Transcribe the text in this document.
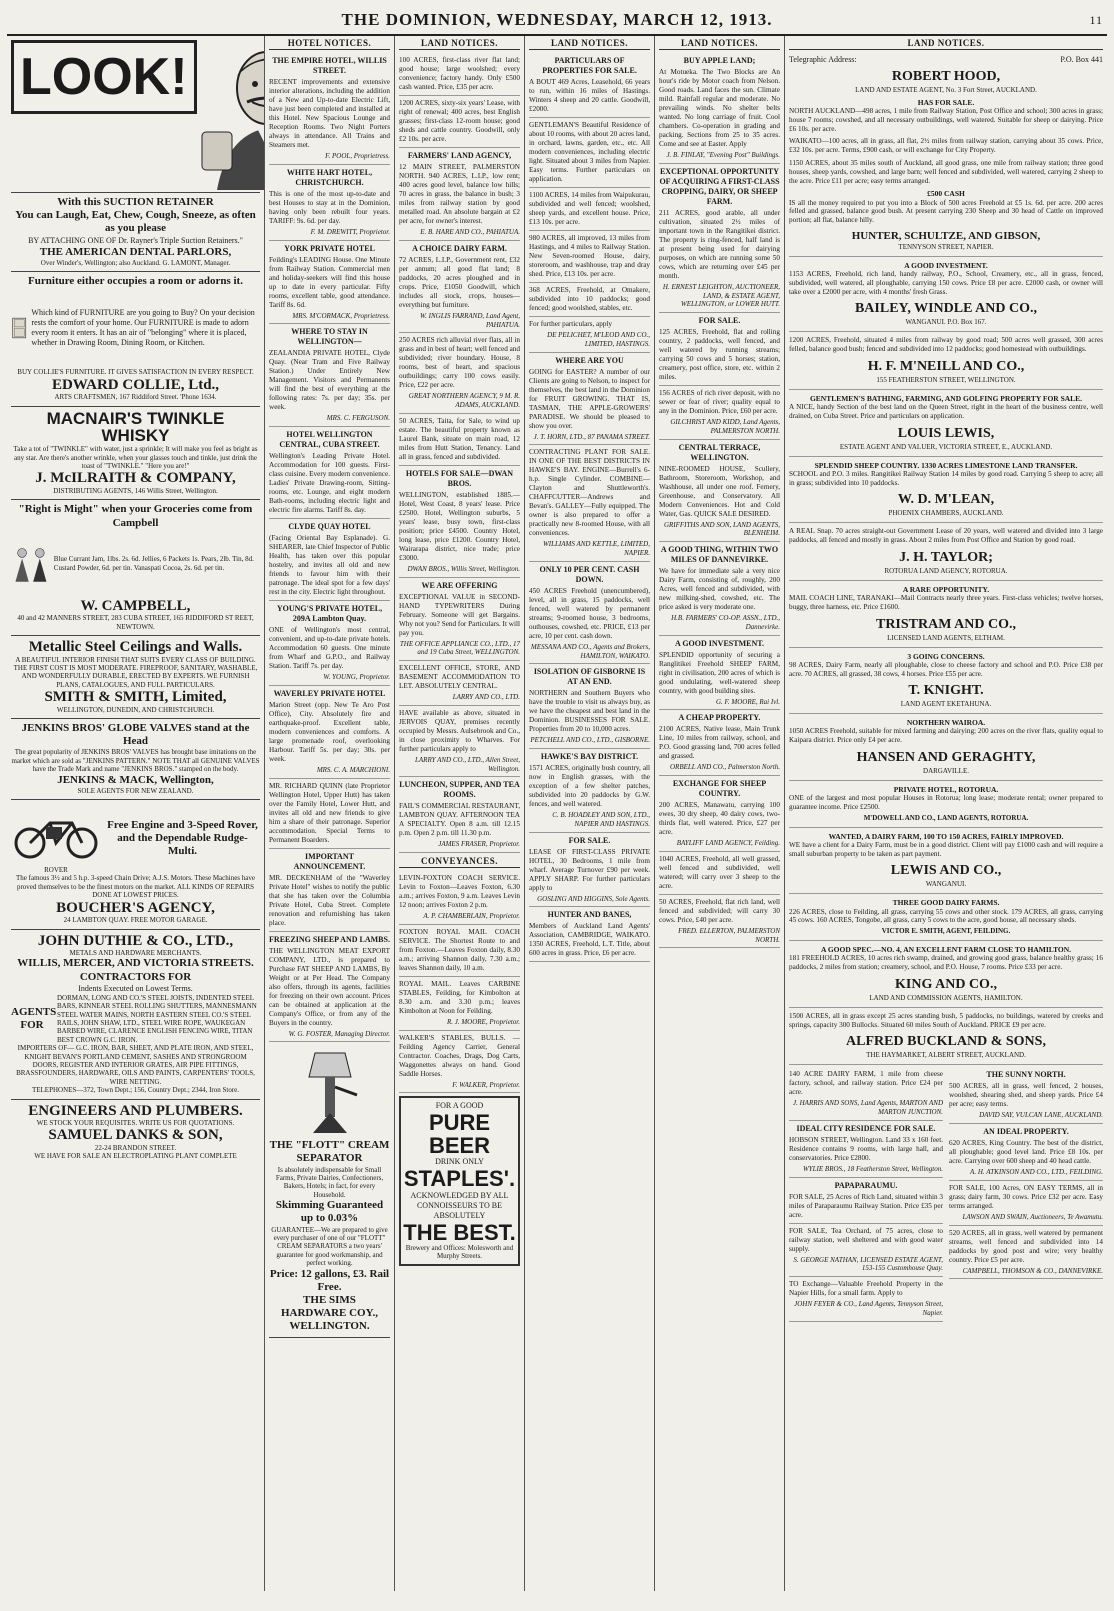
THE DOMINION, WEDNESDAY, MARCH 12, 1913.	11
LOOK!
With this SUCTION RETAINER
You can Laugh, Eat, Chew, Cough, Sneeze, as often as you please
BY ATTACHING ONE OF Dr. Rayner's Triple Suction Retainers."
THE AMERICAN DENTAL PARLORS,
Over Winder's, Wellington; also Auckland. G. LAMONT, Manager.
Furniture either occupies a room or adorns it.
Which kind of FURNITURE are you going to Buy? On your decision rests the comfort of your home. Our FURNITURE is made to adorn every room it enters. It has an air of "belonging" where it is placed, whether in Drawing Room, Dining Room, or Kitchen.
BUY COLLIE'S FURNITURE. IT GIVES SATISFACTION IN EVERY RESPECT.
EDWARD COLLIE, Ltd.,
ARTS CRAFTSMEN, 167 Riddiford Street. 'Phone 1634.
MACNAIR'S TWINKLE WHISKY
Take a tot of "TWINKLE" with water, just a sprinkle; It will make you feel as bright as any star. Are there's another wrinkle, when your glasses touch and tinkle, just drink the toast of "TWINKLE." "Here you are!"
J. McILRAITH & COMPANY,
DISTRIBUTING AGENTS, 146 Willis Street, Wellington.
"Right is Might" when your Groceries come from Campbell
Blue Currant Jam, 1lbs. 2s. 6d. Jellies, 6 Packets 1s. Pears, 2lb. Tin, 8d. Custard Powder, 6d. per tin. Vanaspati Cocoa, 2s. 6d. per tin.
W. CAMPBELL,
40 and 42 MANNERS STREET, 283 CUBA STREET, 165 RIDDIFORD ST REET, NEWTOWN.
Metallic Steel Ceilings and Walls.
A BEAUTIFUL INTERIOR FINISH THAT SUITS EVERY CLASS OF BUILDING. THE FIRST COST IS MOST MODERATE. FIREPROOF, SANITARY, WASHABLE, AND WONDERFULLY DURABLE, ERECTED BY EXPERTS. WE FURNISH PLANS, CATALOGUES, AND FULL PARTICULARS.
SMITH & SMITH, Limited,
WELLINGTON, DUNEDIN, AND CHRISTCHURCH.
JENKINS BROS' GLOBE VALVES stand at the Head
The great popularity of JENKINS BROS' VALVES has brought base imitations on the market which are sold as "JENKINS PATTERN." NOTE THAT all GENUINE VALVES have the Trade Mark and name "JENKINS BROS." stamped on the body.
JENKINS & MACK, Wellington,
SOLE AGENTS FOR NEW ZEALAND.
ROVER
Free Engine and 3-Speed Rover, and the Dependable Rudge-Multi.
The famous 3½ and 5 h.p. 3-speed Chain Drive; A.J.S. Motors. These Machines have proved themselves to be the finest motors on the market. ALL KINDS OF REPAIRS DONE AT LOWEST PRICES.
BOUCHER'S AGENCY,
24 LAMBTON QUAY. FREE MOTOR GARAGE.
JOHN DUTHIE & CO., LTD.,
METALS AND HARDWARE MERCHANTS.
WILLIS, MERCER, AND VICTORIA STREETS.
CONTRACTORS FOR
Indents Executed on Lowest Terms.
AGENTS FOR
DORMAN, LONG AND CO.'S STEEL JOISTS, INDENTED STEEL BARS, KINNEAR STEEL ROLLING SHUTTERS, MANNESMANN STEEL WATER MAINS, NORTH EASTERN STEEL CO.'S STEEL RAILS, JOHN SHAW, LTD., STEEL WIRE ROPE, WAUKEGAN BARBED WIRE, CLARENCE ENGLISH FENCING WIRE, TITAN BEST CROWN G.C. IRON.
IMPORTERS OF— G.C. IRON, BAR, SHEET, AND PLATE IRON, AND STEEL, KNIGHT BEVAN'S PORTLAND CEMENT, SASHES AND STRONGROOM DOORS, REGISTER AND INTERIOR GRATES, AIR PIPE FITTINGS, BRASSFOUNDERS, HARDWARE, OILS AND PAINTS, CARPENTERS' TOOLS, WIRE NETTING.
TELEPHONES—372, Town Dept.; 156, Country Dept.; 2344, Iron Store.
ENGINEERS AND PLUMBERS.
WE STOCK YOUR REQUISITES. WRITE US FOR QUOTATIONS.
SAMUEL DANKS & SON,
22-24 BRANDON STREET.
WE HAVE FOR SALE AN ELECTROPLATING PLANT COMPLETE
HOTEL NOTICES.
THE EMPIRE HOTEL, WILLIS STREET.
RECENT improvements and extensive interior alterations, including the addition of a New and Up-to-date Electric Lift, have just been completed and installed at this Hotel. New Spacious Lounge and Reception Rooms. Two Night Porters always in attendance. All Trains and Steamers met.
F. POOL, Proprietress.
WHITE HART HOTEL, CHRISTCHURCH.
This is one of the most up-to-date and best Houses to stay at in the Dominion, having only been rebuilt four years. TARIFF: 9s. 6d. per day.
F. M. DREWITT, Proprietor.
YORK PRIVATE HOTEL
Feilding's LEADING House. One Minute from Railway Station. Commercial men and holiday-seekers will find this house up to date in every particular. Fifty rooms, excellent table, good attendance. Tariff 8s. 6d.
MRS. M'CORMACK, Proprietress.
WHERE TO STAY IN WELLINGTON—
ZEALANDIA PRIVATE HOTEL, Clyde Quay. (Near Tram and Five Railway Station.) Under Entirely New Management. Visitors and Permanents will find the best of everything at the following rates: 7s. per day; 35s. per week.
MRS. C. FERGUSON.
HOTEL WELLINGTON CENTRAL, CUBA STREET.
Wellington's Leading Private Hotel. Accommodation for 100 guests. First-class cuisine. Every modern convenience. Ladies' Private Drawing-room, Sitting-rooms, etc. Lounge, and eight modern Bath-rooms, including electric light and electric fire alarms. Tariff 8s. day.
CLYDE QUAY HOTEL
(Facing Oriental Bay Esplanade). G. SHEARER, late Chief Inspector of Public Health, has taken over this popular hostelry, and invites all old and new friends to favour him with their patronage. The ideal spot for a few days' rest in the city. Electric light throughout.
YOUNG'S PRIVATE HOTEL, 209A Lambton Quay.
ONE of Wellington's most central, convenient, and up-to-date private hotels. Accommodation 60 guests. One minute from Wharf and G.P.O., and Railway Station. Tariff 7s. per day.
W. YOUNG, Proprietor.
WAVERLEY PRIVATE HOTEL
Marion Street (opp. New Te Aro Post Office), City. Absolutely fire and earthquake-proof. Excellent table, modern conveniences and comforts. A large promenade roof, overlooking Harbour. Tariff 5s. per day; 30s. per week.
MRS. C. A. MARCHIONI.
MR. RICHARD QUINN (late Proprietor Wellington Hotel, Upper Hutt) has taken over the Family Hotel, Lower Hutt, and invites all old and new friends to give him a share of their patronage. Superior accommodation. Special Terms to Permanent Boarders.
IMPORTANT ANNOUNCEMENT.
MR. DECKENHAM of the "Waverley Private Hotel" wishes to notify the public that she has taken over the Columbia Private Hotel, Cuba Street. Complete renovation and refurnishing has taken place.
FREEZING SHEEP AND LAMBS.
THE WELLINGTON MEAT EXPORT COMPANY, LTD., is prepared to Purchase FAT SHEEP AND LAMBS, By Weight or at Per Head. The Company also offers, through its agents, facilities for freezing on their own account. Prices can be obtained at application at the Company's Office, or from any of the Buyers in the country.
W. G. FOSTER, Managing Director.
THE "FLOTT" CREAM SEPARATOR
Is absolutely indispensable for Small Farms, Private Dairies, Confectioners, Bakers, Hotels; in fact, for every Household.
Skimming Guaranteed up to 0.03%
GUARANTEE—We are prepared to give every purchaser of one of our "FLOTT" CREAM SEPARATORS a two years' guarantee for good workmanship, and perfect working.
Price: 12 gallons, £3. Rail Free.
THE SIMS HARDWARE COY., WELLINGTON.
LAND NOTICES.
100 ACRES, first-class river flat land; good house; large woolshed; every convenience; factory handy. Only £500 cash wanted. Price, £35 per acre.
1200 ACRES, sixty-six years' Lease, with right of renewal; 400 acres, best English grasses; first-class 12-room house; good sheds and cattle country. Goodwill, only £2 10s. per acre.
FARMERS' LAND AGENCY,
12 MAIN STREET, PALMERSTON NORTH. 940 ACRES, L.I.P., low rent; 400 acres good level, balance low hills; 70 acres in grass, the balance in bush; 3 miles from railway station by good metalled road. An absolute bargain at £2 per acre, for owner's interest.
E. B. HARE AND CO., PAHIATUA.
A CHOICE DAIRY FARM.
72 ACRES, L.I.P., Government rent, £32 per annum; all good flat land; 8 paddocks, 20 acres ploughed and in crops. Price, £1050 Goodwill, which includes all stock, crops, houses—everything but furniture.
W. INGLIS FARRAND, Land Agent, PAHIATUA.
250 ACRES rich alluvial river flats, all in grass and in best of heart; well fenced and subdivided; river boundary. House, 8 rooms, best of heart, and spacious outbuildings; carry 100 cows easily. Price, £22 per acre.
GREAT NORTHERN AGENCY, 9 M. R. ADAMS, AUCKLAND.
50 ACRES, Taita, for Sale, to wind up estate. The beautiful property known as Laurel Bank, situate on main road, 12 miles from Hutt Station, Tenancy. Land all in grass, fenced and subdivided.
HOTELS FOR SALE—DWAN BROS.
WELLINGTON, established 1885.—Hotel, West Coast, 8 years' lease. Price £2500. Hotel, Wellington suburbs, 5 years' lease, busy town, first-class position; price £4500. Country Hotel, long lease, price £1200. Country Hotel, Wairarapa district, nice trade; price £3000.
DWAN BROS., Willis Street, Wellington.
WE ARE OFFERING
EXCEPTIONAL VALUE in SECOND-HAND TYPEWRITERS During February. Someone will get Bargains. Why not you? Send for Particulars. It will pay you.
THE OFFICE APPLIANCE CO., LTD., 17 and 19 Cuba Street, WELLINGTON.
EXCELLENT OFFICE, STORE, AND BASEMENT ACCOMMODATION TO LET. ABSOLUTELY CENTRAL.
LARRY AND CO., LTD.
HAVE available as above, situated in JERVOIS QUAY, premises recently occupied by Messrs. Aulsebrook and Co., in close proximity to Wharves. For further particulars apply to
LARRY AND CO., LTD., Allen Street, Wellington.
LUNCHEON, SUPPER, AND TEA ROOMS.
FAIL'S COMMERCIAL RESTAURANT, LAMBTON QUAY. AFTERNOON TEA A SPECIALTY. Open 8 a.m. till 12.15 p.m. Open 2 p.m. till 11.30 p.m.
JAMES FRASER, Proprietor.
CONVEYANCES.
LEVIN-FOXTON COACH SERVICE. Levin to Foxton—Leaves Foxton, 6.30 a.m.; arrives Foxton, 9 a.m. Leaves Levin 12 noon; arrives Foxton 2 p.m.
A. P. CHAMBERLAIN, Proprietor.
FOXTON ROYAL MAIL COACH SERVICE. The Shortest Route to and from Foxton.—Leaves Foxton daily, 8.30 a.m.; arriving Shannon daily, 7.30 a.m.; leaves Shannon daily, 10 a.m.
ROYAL MAIL. Leaves CARBINE STABLES, Feilding, for Kimbolton at 8.30 a.m. and 3.30 p.m.; leaves Kimbolton at Noon for Feilding.
R. J. MOORE, Proprietor.
WALKER'S STABLES, BULLS. —Feilding Agency Carrier, General Contractor. Coaches, Drags, Dog Carts, Waggonettes always on hand. Good Saddle Horses.
F. WALKER, Proprietor.
FOR A GOOD
PURE BEER
DRINK ONLY
STAPLES'.
ACKNOWLEDGED BY ALL CONNOISSEURS TO BE ABSOLUTELY
THE BEST.
Brewery and Offices: Molesworth and Murphy Streets.
LAND NOTICES.
PARTICULARS OF PROPERTIES FOR SALE.
A BOUT 469 Acres, Leasehold, 66 years to run, within 16 miles of Hastings. Winters 4 sheep and 20 cattle. Goodwill, £2000.
GENTLEMAN'S Beautiful Residence of about 10 rooms, with about 20 acres land, in orchard, lawns, garden, etc., etc. All modern conveniences, including electric light. Situated about 3 miles from Napier. Easy terms. Further particulars on application.
1100 ACRES, 14 miles from Waipukurau, subdivided and well fenced; woolshed, sheep yards, and excellent house. Price, £13 10s. per acre.
980 ACRES, all improved, 13 miles from Hastings, and 4 miles to Railway Station. New Seven-roomed House, dairy, storeroom, and washhouse, trap and dray shed. Price, £13 10s. per acre.
368 ACRES, Freehold, at Omakere, subdivided into 10 paddocks; good fenced; good woolshed, stables, etc.
For further particulars, apply
DE PELICHET, M'LEOD AND CO., LIMITED, HASTINGS.
WHERE ARE YOU
GOING for EASTER? A number of our Clients are going to Nelson, to inspect for themselves, the best land in the Dominion for FRUIT GROWING. THAT IS, TASMAN, THE APPLE-GROWERS' PARADISE. We should be pleased to show you over.
J. T. HORN, LTD., 87 PANAMA STREET.
CONTRACTING PLANT FOR SALE. IN ONE OF THE BEST DISTRICTS IN HAWKE'S BAY. ENGINE—Burrell's 6-h.p. Single Cylinder. COMBINE—Clayton and Shuttleworth's. CHAFFCUTTER—Andrews and Bevan's. GALLEY—Fully equipped. The owner is also prepared to offer a practically new 8-roomed House, with all conveniences.
WILLIAMS AND KETTLE, LIMITED, NAPIER.
ONLY 10 PER CENT. CASH DOWN.
450 ACRES Freehold (unencumbered), level, all in grass, 15 paddocks, well fenced, well watered by permanent streams; 9-roomed house, 3 bedrooms, outhouses, cowshed, etc. PRICE, £13 per acre, 10 per cent. cash down.
MESSANA AND CO., Agents and Brokers, HAMILTON, WAIKATO.
ISOLATION OF GISBORNE IS AT AN END.
NORTHERN and Southern Buyers who have the trouble to visit us always buy, as we have the cheapest and best land in the Dominion. BUSINESSES FOR SALE. Properties from 20 to 10,000 acres.
PETCHELL AND CO., LTD., GISBORNE.
HAWKE'S BAY DISTRICT.
1571 ACRES, originally bush country, all now in English grasses, with the exception of a few shelter patches, subdivided into 20 paddocks by G.W. fences, and well watered.
C. B. HOADLEY AND SON, LTD., NAPIER AND HASTINGS.
FOR SALE.
LEASE OF FIRST-CLASS PRIVATE HOTEL, 30 Bedrooms, 1 mile from wharf. Average Turnover £90 per week. APPLY SHARP. For further particulars apply to
GOSLING AND HIGGINS, Sole Agents.
HUNTER AND BANES,
Members of Auckland Land Agents' Association, CAMBRIDGE, WAIKATO. 1350 ACRES, Freehold, L.T. Title, about 600 acres in grass. Price, £6 per acre.
LAND NOTICES.
BUY APPLE LAND;
At Motueka. The Two Blocks are An hour's ride by Motor coach from Nelson. Good roads. Land faces the sun. Climate mild. Rainfall regular and moderate. No prevailing winds. No shelter belts wanted. No long carriage of fruit. Cool chambers. Co-operation in grading and packing. Sections from 25 to 35 acres. Come and see at Easter. Apply
J. B. FINLAY, "Evening Post" Buildings.
EXCEPTIONAL OPPORTUNITY OF ACQUIRING A FIRST-CLASS CROPPING, DAIRY, OR SHEEP FARM.
211 ACRES, good arable, all under cultivation, situated 2½ miles of important town in the Rangitikei district. The property is ring-fenced, half land is at present being used for dairying purposes, on which are running some 50 cows, which are returning over £45 per month.
H. ERNEST LEIGHTON, AUCTIONEER, LAND, & ESTATE AGENT, WELLINGTON, or LOWER HUTT.
FOR SALE.
125 ACRES, Freehold, flat and rolling country, 2 paddocks, well fenced, and well watered by running streams; carrying 50 cows and 5 horses; station, creamery, post office, store, etc. within 2 miles.
156 ACRES of rich river deposit, with no sewer or fear of river; quality equal to any in the Dominion. Price, £60 per acre.
GILCHRIST AND KIDD, Land Agents, PALMERSTON NORTH.
CENTRAL TERRACE, WELLINGTON.
NINE-ROOMED HOUSE, Scullery, Bathroom, Storeroom, Workshop, and Washhouse, all under one roof. Fernery, Greenhouse, and Conservatory. All Modern Conveniences. Hot and Cold Water, Gas. QUICK SALE DESIRED.
GRIFFITHS AND SON, LAND AGENTS, BLENHEIM.
A GOOD THING, WITHIN TWO MILES OF DANNEVIRKE.
We have for immediate sale a very nice Dairy Farm, consisting of, roughly, 200 Acres, well fenced and subdivided, with new milking-shed, cowshed, etc. The price asked is very moderate one.
H.B. FARMERS' CO-OP. ASSN., LTD., Dannevirke.
A GOOD INVESTMENT.
SPLENDID opportunity of securing a Ranglitikei Freehold SHEEP FARM, right in civilisation, 200 acres of which is good undulating, well-watered sheep country, with good building sites.
G. F. MOORE, Rai Ivl.
A CHEAP PROPERTY.
2100 ACRES, Native lease, Main Trunk Line, 10 miles from railway, school, and P.O. Good grassing land, 700 acres felled and grassed.
ORBELL AND CO., Palmerston North.
EXCHANGE FOR SHEEP COUNTRY.
200 ACRES, Manawatu, carrying 100 ewes, 30 dry sheep, 40 dairy cows, two-thirds flat, well watered. Price, £27 per acre.
BAYLIFF LAND AGENCY, Feilding.
1040 ACRES, Freehold, all well grassed, well fenced and subdivided, well watered; will carry over 3 sheep to the acre.
50 ACRES, Freehold, flat rich land, well fenced and subdivided; will carry 30 cows. Price, £40 per acre.
FRED. ELLERTON, PALMERSTON NORTH.
LAND NOTICES.
Telegraphic Address:	P.O. Box 441
ROBERT HOOD,
LAND AND ESTATE AGENT, No. 3 Fort Street, AUCKLAND.
HAS FOR SALE.
NORTH AUCKLAND—498 acres, 1 mile from Railway Station, Post Office and school; 300 acres in grass; house 7 rooms; cowshed, and all necessary outbuildings, well watered. Suitable for sheep or dairying. Price £6 10s. per acre.
WAIKATO—100 acres, all in grass, all flat, 2½ miles from railway station, carrying about 35 cows. Price, £32 10s. per acre. Terms, £900 cash, or will exchange for City Property.
1150 ACRES, about 35 miles south of Auckland, all good grass, one mile from railway station; three good houses, sheep yards, cowshed, and large barn; well fenced and subdivided, well watered, carrying 2 sheep to the acre. Price £11 per acre; easy terms arranged.
£500 CASH
IS all the money required to put you into a Block of 500 acres Freehold at £5 1s. 6d. per acre. 200 acres felled and grassed, balance good bush. At present carrying 230 Sheep and 30 head of Cattle on improved portion; all flat, balance hilly.
HUNTER, SCHULTZE, AND GIBSON,
TENNYSON STREET, NAPIER.
A GOOD INVESTMENT.
1153 ACRES, Freehold, rich land, handy railway, P.O., School, Creamery, etc., all in grass, fenced, subdivided, well watered, all ploughable, carrying 150 cows. Price £8 per acre. £2000 cash, or owner will take over a £2000 per acre, with 4 months' fresh Grass.
BAILEY, WINDLE AND CO.,
WANGANUI. P.O. Box 167.
1200 ACRES, Freehold, situated 4 miles from railway by good road; 500 acres well grassed, 300 acres felled, balance good bush; fenced and subdivided into 12 paddocks; good homestead with outbuildings.
H. F. M'NEILL AND CO.,
155 FEATHERSTON STREET, WELLINGTON.
GENTLEMEN'S BATHING, FARMING, AND GOLFING PROPERTY FOR SALE.
A NICE, handy Section of the best land on the Queen Street, right in the heart of the business centre, well drained, on Cuba Street. Price and particulars on application.
LOUIS LEWIS,
ESTATE AGENT AND VALUER, VICTORIA STREET, E., AUCKLAND.
SPLENDID SHEEP COUNTRY. 1330 ACRES LIMESTONE LAND TRANSFER.
SCHOOL and P.O. 3 miles. Rangitikei Railway Station 14 miles by good road. Carrying 5 sheep to acre; all in grass; subdivided into 10 paddocks.
W. D. M'LEAN,
PHOENIX CHAMBERS, AUCKLAND.
A REAL Snap. 70 acres straight-out Government Lease of 20 years, well watered and divided into 3 large paddocks, all fenced and mostly in grass. About 2 miles from Post Office and Station by good road.
J. H. TAYLOR;
ROTORUA LAND AGENCY, ROTORUA.
A RARE OPPORTUNITY.
MAIL COACH LINE, TARANAKI—Mail Contracts nearly three years. First-class vehicles; twelve horses, buggy, three harness, etc. Price £1600.
TRISTRAM AND CO.,
LICENSED LAND AGENTS, ELTHAM.
3 GOING CONCERNS.
98 ACRES, Dairy Farm, nearly all ploughable, close to cheese factory and school and P.O. Price £38 per acre. 70 ACRES, all grassed, 38 cows, 4 horses. Price £55 per acre.
T. KNIGHT.
LAND AGENT EKETAHUNA.
NORTHERN WAIROA.
1050 ACRES Freehold, suitable for mixed farming and dairying; 200 acres on the river flats, quality equal to Kaipara district. Price only £4 per acre.
HANSEN AND GERAGHTY,
DARGAVILLE.
PRIVATE HOTEL, ROTORUA.
ONE of the largest and most popular Houses in Rotorua; long lease; moderate rental; owner prepared to guarantee income. Price £2500.
M'DOWELL AND CO., LAND AGENTS, ROTORUA.
WANTED, A DAIRY FARM, 100 TO 150 ACRES, FAIRLY IMPROVED.
WE have a client for a Dairy Farm, must be in a good district. Client will pay £1000 cash and will require a small suburban property to be taken as part payment.
LEWIS AND CO.,
WANGANUI.
THREE GOOD DAIRY FARMS.
226 ACRES, close to Feilding, all grass, carrying 55 cows and other stock. 179 ACRES, all grass, carrying 45 cows. 160 ACRES, Tongobe, all grass, carry 5 cows to the acre, good house, all necessary sheds.
VICTOR E. SMITH, AGENT, FEILDING.
A GOOD SPEC.—NO. 4, AN EXCELLENT FARM CLOSE TO HAMILTON.
181 FREEHOLD ACRES, 10 acres rich swamp, drained, and growing good grass, balance healthy grass; 16 paddocks, 2 miles from station; creamery, school, and P.O. House, 7 rooms. Price £33 per acre.
KING AND CO.,
LAND AND COMMISSION AGENTS, HAMILTON.
1500 ACRES, all in grass except 25 acres standing bush, 5 paddocks, no buildings, watered by creeks and springs, capacity 300 Bullocks. Situated 60 miles South of Auckland. PRICE £9 per acre.
ALFRED BUCKLAND & SONS,
THE HAYMARKET, ALBERT STREET, AUCKLAND.
140 ACRE DAIRY FARM, 1 mile from cheese factory, school, and railway station. Price £24 per acre.
J. HARRIS AND SONS, Land Agents, MARTON AND MARTON JUNCTION.
IDEAL CITY RESIDENCE FOR SALE.
HOBSON STREET, Wellington. Land 33 x 160 feet. Residence contains 9 rooms, with large hall, and conservatories. Price £2800.
WYLIE BROS., 18 Featherston Street, Wellington.
PAPAPARAUMU.
FOR SALE, 25 Acres of Rich Land, situated within 3 miles of Paraparaumu Railway Station. Price £35 per acre.
FOR SALE, Tea Orchard, of 75 acres, close to railway station, well sheltered and with good water supply.
S. GEORGE NATHAN, LICENSED ESTATE AGENT, 153-155 Customhouse Quay.
TO Exchange—Valuable Freehold Property in the Napier Hills, for a small farm. Apply to
JOHN FEYER & CO., Land Agents, Tennyson Street, Napier.
THE SUNNY NORTH.
500 ACRES, all in grass, well fenced, 2 houses, woolshed, shearing shed, and sheep yards. Price £4 per acre; easy terms.
DAVID SAY, VULCAN LANE, AUCKLAND.
AN IDEAL PROPERTY.
620 ACRES, King Country. The best of the district, all ploughable; good level land. Price £8 10s. per acre. Carrying over 600 sheep and 40 head cattle.
A. H. ATKINSON AND CO., LTD., FEILDING.
FOR SALE, 100 Acres, ON EASY TERMS, all in grass; dairy farm, 30 cows. Price £32 per acre. Easy terms arranged.
LAWSON AND SWAIN, Auctioneers, Te Awamutu.
520 ACRES, all in grass, well watered by permanent streams, well fenced and subdivided into 14 paddocks by good post and wire; very healthy country. Price £5 per acre.
CAMPBELL, THOMSON & CO., DANNEVIRKE.
